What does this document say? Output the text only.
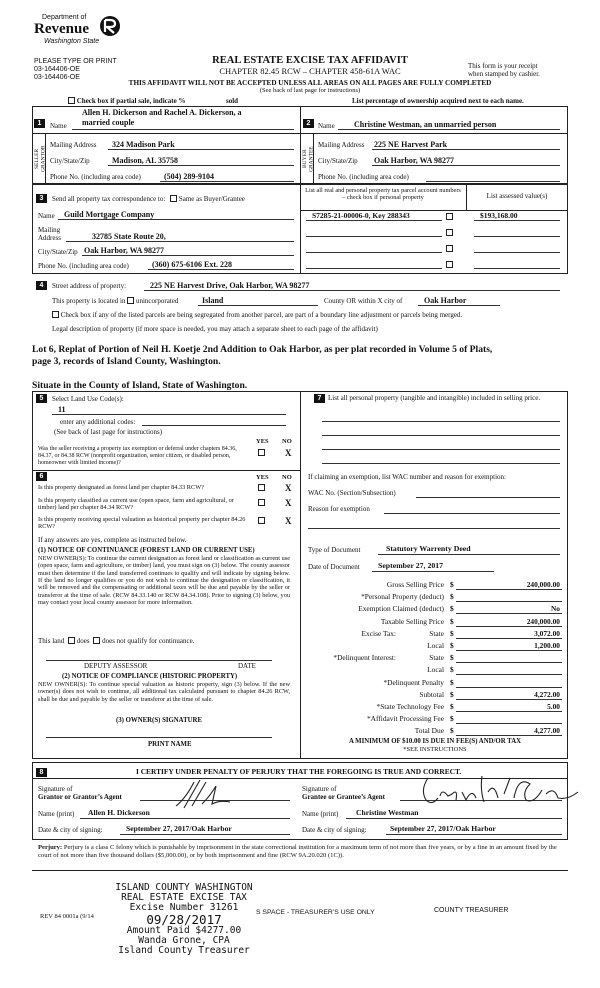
Department of
Revenue
Washington State
PLEASE TYPE OR PRINT
03-164406-OE
03-164406-OE
REAL ESTATE EXCISE TAX AFFIDAVIT
CHAPTER 82.45 RCW – CHAPTER 458-61A WAC	This form is your receipt
when stamped by cashier.
THIS AFFIDAVIT WILL NOT BE ACCEPTED UNLESS ALL AREAS ON ALL PAGES ARE FULLY COMPLETED
(See back of last page for instructions)
Check box if partial sale, indicate %	sold	List percentage of ownership acquired next to each name.
1	Name
Allen H. Dickerson and Rachel A. Dickerson, a
married couple
SELLER GRANTOR
Mailing Address 324 Madison Park
City/State/Zip	Madison, AL 35758
Phone No. (including area code)	(504) 289-9104
2	Name Christine Westman, an unmarried person
BUYER GRANTEE
Mailing Address 225 NE Harvest Park
City/State/Zip Oak Harbor, WA 98277
Phone No. (including area code)
3	Send all property tax correspondence to: Same as Buyer/Grantee
Name Guild Mortgage Company
Mailing
Address	32785 State Route 20,
City/State/Zip Oak Harbor, WA 98277
Phone No. (including area code)	(360) 675-6106 Ext. 228
List all real and personal property tax parcel account numbers – check box if personal property	List assessed value(s)
S7285-21-00006-0, Key 288343	$193,168.00
4	Street address of property:	225 NE Harvest Drive, Oak Harbor, WA 98277
This property is located in unincorporated	Island	County OR within X city of	Oak Harbor
Check box if any of the listed parcels are being segregated from another parcel, are part of a boundary line adjustment or parcels being merged.
Legal description of property (if more space is needed, you may attach a separate sheet to each page of the affidavit)
Lot 6, Replat of Portion of Neil H. Koetje 2nd Addition to Oak Harbor, as per plat recorded in Volume 5 of Plats,
page 3, records of Island County, Washington.
Situate in the County of Island, State of Washington.
5	Select Land Use Code(s):
11
enter any additional codes:
(See back of last page for instructions)
YES NO
Was the seller receiving a property tax exemption or deferral under chapters 84.36, 84.37, or 84.38 RCW (nonprofit organization, senior citizen, or disabled person, homeowner with limited income)?
X
6	YES NO
Is this property designated as forest land per chapter 84.33 RCW?	X
Is this property classified as current use (open space, farm and agricultural, or timber) land per chapter 84.34 RCW?	X
Is this property receiving special valuation as historical property per chapter 84.26 RCW?
X
If any answers are yes, complete as instructed below.
(1) NOTICE OF CONTINUANCE (FOREST LAND OR CURRENT USE)
NEW OWNER(S): To continue the current designation as forest land or classification as current use (open space, farm and agriculture, or timber) land, you must sign on (3) below. The county assessor must then determine if the land transferred continues to qualify and will indicate by signing below. If the land no longer qualifies or you do not wish to continue the designation or classification, it will be removed and the compensating or additional taxes will be due and payable by the seller or transferor at the time of sale. (RCW 84.33.140 or RCW 84.34.108). Prior to signing (3) below, you may contact your local county assessor for more information.
This land does does not qualify for continuance.
DEPUTY ASSESSOR	DATE
(2) NOTICE OF COMPLIANCE (HISTORIC PROPERTY)
NEW OWNER(S): To continue special valuation as historic property, sign (3) below. If the new owner(s) does not wish to continue, all additional tax calculated pursuant to chapter 84.26 RCW, shall be due and payable by the seller or transferor at the time of sale.
(3) OWNER(S) SIGNATURE
PRINT NAME
7 List all personal property (tangible and intangible) included in selling price.
If claiming an exemption, list WAC number and reason for exemption:
WAC No. (Section/Subsection)
Reason for exemption
Type of Document	Statutory Warrenty Deed
Date of Document September 27, 2017
Gross Selling Price $	240,000.00
*Personal Property (deduct) $
Exemption Claimed (deduct) $	No
Taxable Selling Price $	240,000.00
Excise Tax:	State $	3,072.00
Local $	1,200.00
*Delinquent Interest:	State $
Local $
*Delinquent Penalty $
Subtotal $	4,272.00
*State Technology Fee $	5.00
*Affidavit Processing Fee $
Total Due $	4,277.00
A MINIMUM OF $10.00 IS DUE IN FEE(S) AND/OR TAX
*SEE INSTRUCTIONS
8	I CERTIFY UNDER PENALTY OF PERJURY THAT THE FOREGOING IS TRUE AND CORRECT.
Signature of
Grantor or Grantor’s Agent
Signature of
Grantee or Grantee’s Agent
Name (print) Allen H. Dickerson	Name (print) Christine Westman
Date & city of signing:	September 27, 2017/Oak Harbor	Date & city of signing:	September 27, 2017/Oak Harbor
Perjury: Perjury is a class C felony which is punishable by imprisonment in the state correctional institution for a maximum term of not more than five years, or by a fine in an amount fixed by the court of not more than five thousand dollars ($5,000.00), or by both imprisonment and fine (RCW 9A.20.020 (1C)).
ISLAND COUNTY WASHINGTON
REAL ESTATE EXCISE TAX
Excise Number 31261
09/28/2017
Amount Paid $4277.00
Wanda Grone, CPA
Island County Treasurer
REV 84 0001a (9/14
S SPACE - TREASURER’S USE ONLY	COUNTY TREASURER
